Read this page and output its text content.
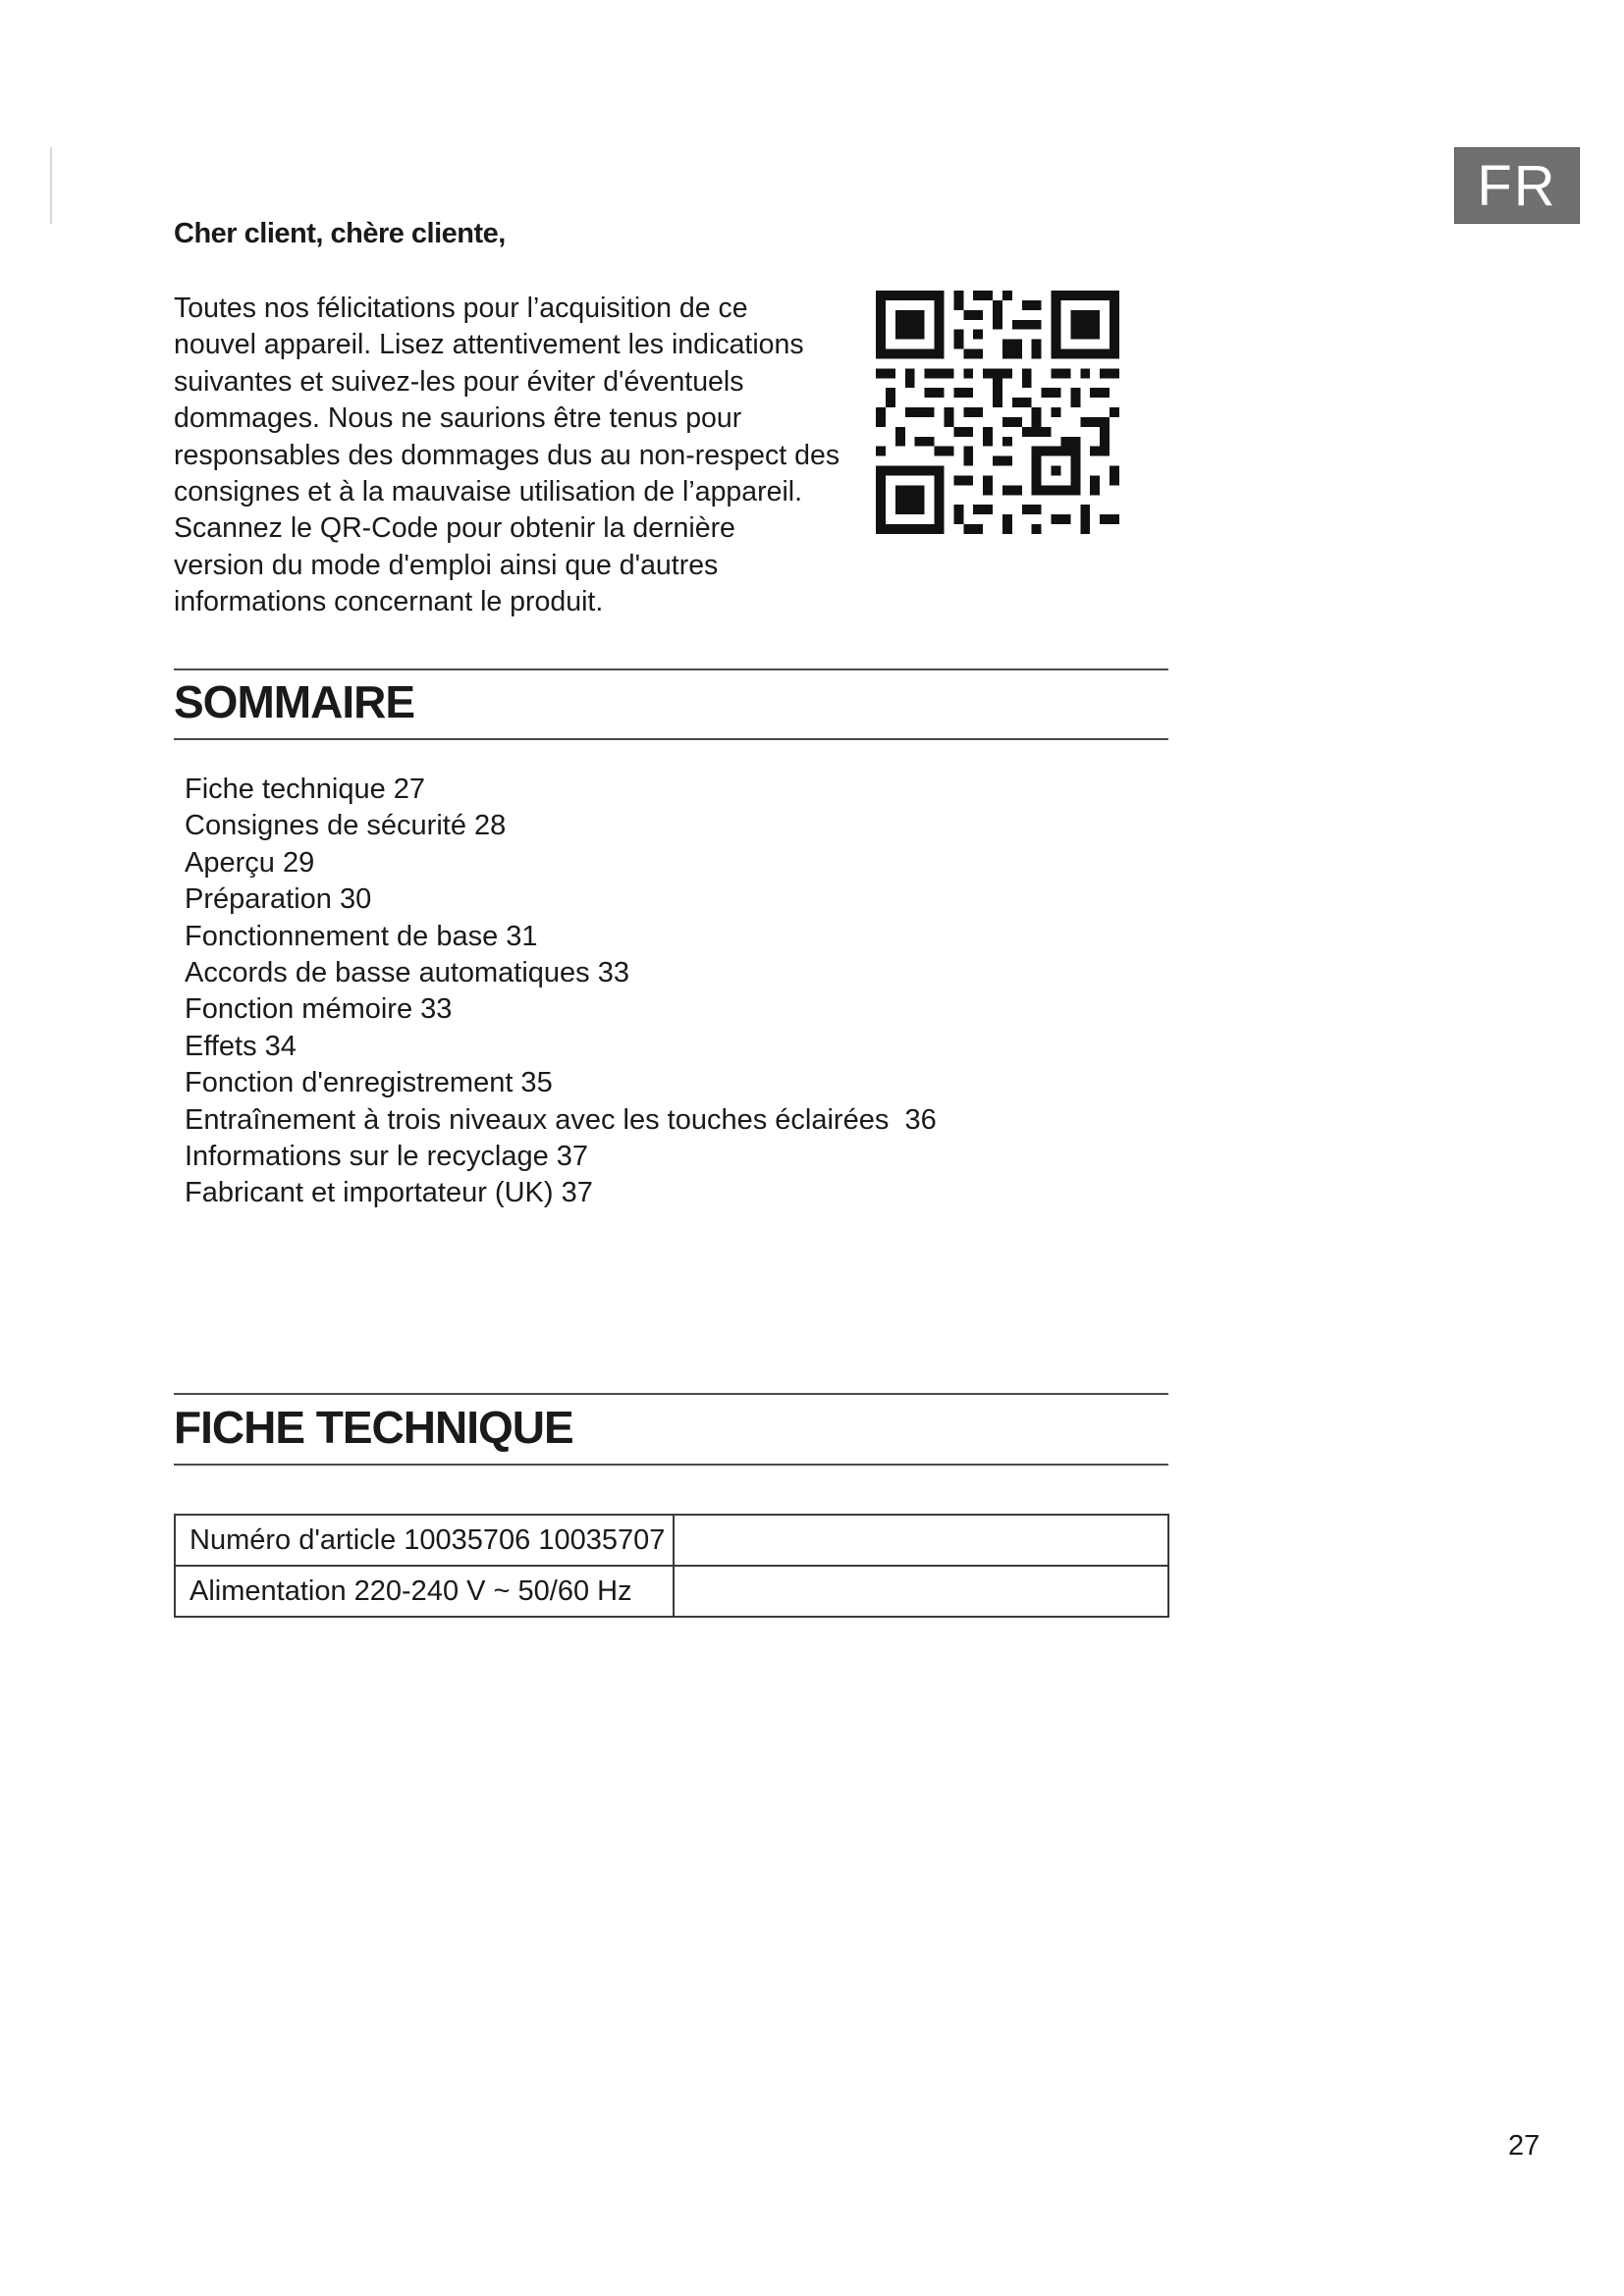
FR
Cher client, chère cliente,
Toutes nos félicitations pour l’acquisition de ce
nouvel appareil. Lisez attentivement les indications
suivantes et suivez-les pour éviter d'éventuels
dommages. Nous ne saurions être tenus pour
responsables des dommages dus au non-respect des
consignes et à la mauvaise utilisation de l’appareil.
Scannez le QR-Code pour obtenir la dernière
version du mode d'emploi ainsi que d'autres
informations concernant le produit.
SOMMAIRE
Fiche technique 27
Consignes de sécurité 28
Aperçu 29
Préparation 30
Fonctionnement de base 31
Accords de basse automatiques 33
Fonction mémoire 33
Effets 34
Fonction d'enregistrement 35
Entraînement à trois niveaux avec les touches éclairées  36
Informations sur le recyclage 37
Fabricant et importateur (UK) 37
FICHE TECHNIQUE
Numéro d'article 10035706 10035707	
Alimentation 220-240 V ~ 50/60 Hz	
27
